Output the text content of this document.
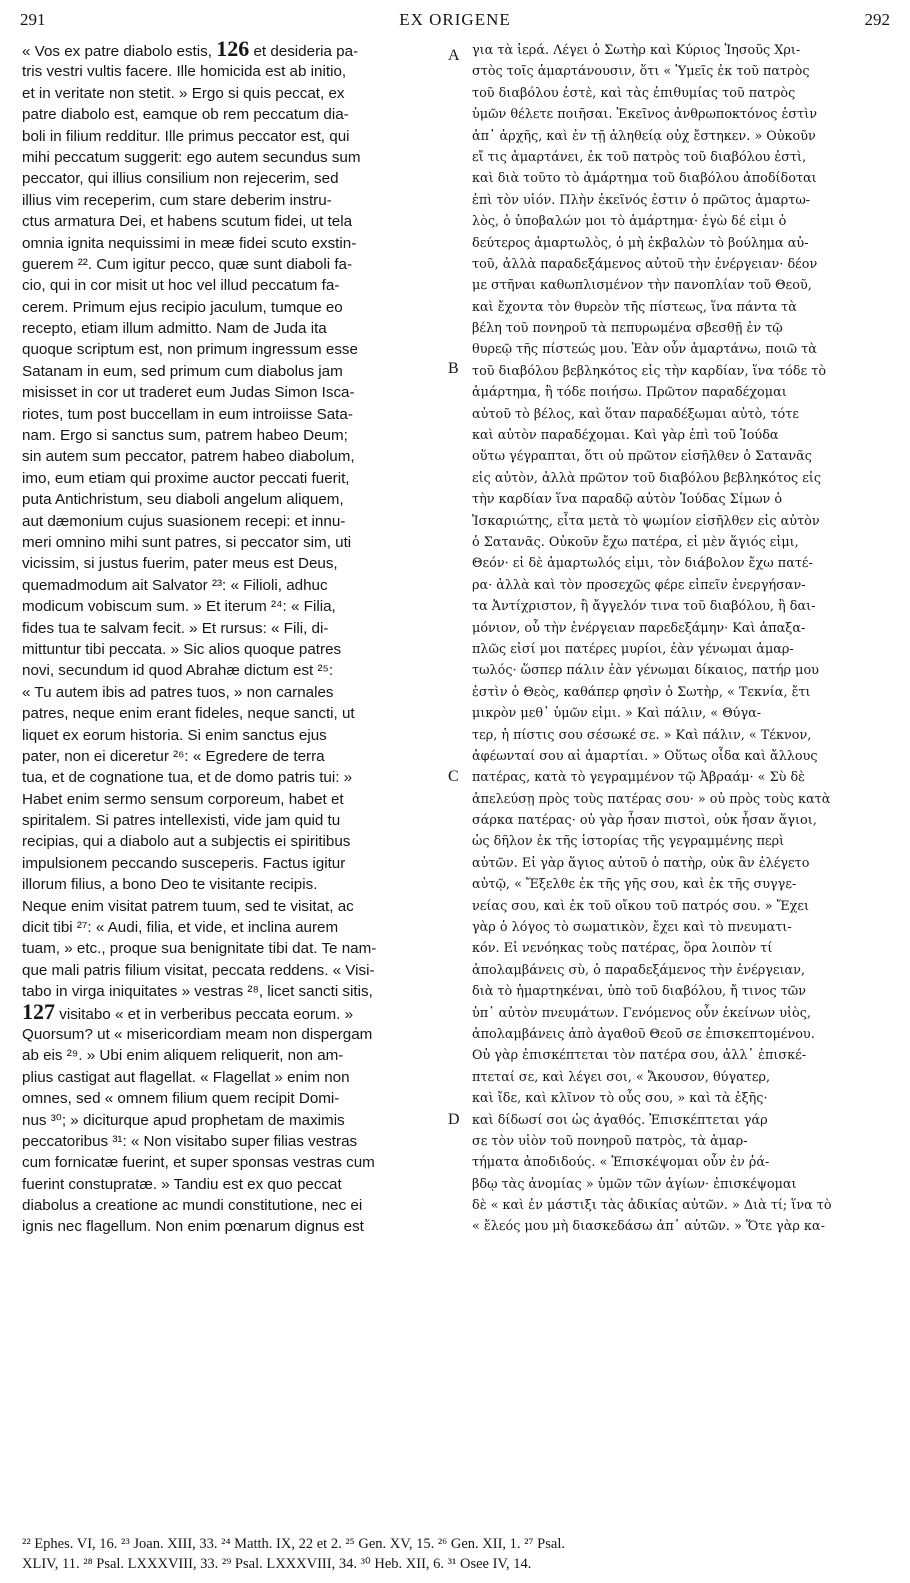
EX ORIGENE
291	292
« Vos ex patre diabolo estis, 126 et desideria pa-
tris vestri vultis facere. Ille homicida est ab initio,
et in veritate non stetit. » Ergo si quis peccat, ex
patre diabolo est, eamque ob rem peccatum dia-
boli in filium redditur. Ille primus peccator est, qui
mihi peccatum suggerit: ego autem secundus sum
peccator, qui illius consilium non rejecerim, sed
illius vim receperim, cum stare deberim instru-
ctus armatura Dei, et habens scutum fidei, ut tela
omnia ignita nequissimi in meæ fidei scuto exstin-
guerem ²². Cum igitur pecco, quæ sunt diaboli fa-
cio, qui in cor misit ut hoc vel illud peccatum fa-
cerem. Primum ejus recipio jaculum, tumque eo
recepto, etiam illum admitto. Nam de Juda ita
quoque scriptum est, non primum ingressum esse
Satanam in eum, sed primum cum diabolus jam
misisset in cor ut traderet eum Judas Simon Isca-
riotes, tum post buccellam in eum introiisse Sata-
nam. Ergo si sanctus sum, patrem habeo Deum;
sin autem sum peccator, patrem habeo diabolum,
imo, eum etiam qui proxime auctor peccati fuerit,
puta Antichristum, seu diaboli angelum aliquem,
aut dæmonium cujus suasionem recepi: et innu-
meri omnino mihi sunt patres, si peccator sim, uti
vicissim, si justus fuerim, pater meus est Deus,
quemadmodum ait Salvator ²³: « Filioli, adhuc
modicum vobiscum sum. » Et iterum ²⁴: « Filia,
fides tua te salvam fecit. » Et rursus: « Fili, di-
mittuntur tibi peccata. » Sic alios quoque patres
novi, secundum id quod Abrahæ dictum est ²⁵:
« Tu autem ibis ad patres tuos, » non carnales
patres, neque enim erant fideles, neque sancti, ut
liquet ex eorum historia. Si enim sanctus ejus
pater, non ei diceretur ²⁶: « Egredere de terra
tua, et de cognatione tua, et de domo patris tui: »
Habet enim sermo sensum corporeum, habet et
spiritalem. Si patres intellexisti, vide jam quid tu
recipias, qui a diabolo aut a subjectis ei spiritibus
impulsionem peccando susceperis. Factus igitur
illorum filius, a bono Deo te visitante recipis.
Neque enim visitat patrem tuum, sed te visitat, ac
dicit tibi ²⁷: « Audi, filia, et vide, et inclina aurem
tuam, » etc., proque sua benignitate tibi dat. Te nam-
que mali patris filium visitat, peccata reddens. « Visi-
tabo in virga iniquitates » vestras ²⁸, licet sancti sitis,
127 visitabo « et in verberibus peccata eorum. »
Quorsum? ut « misericordiam meam non dispergam
ab eis ²⁹. » Ubi enim aliquem reliquerit, non am-
plius castigat aut flagellat. « Flagellat » enim non
omnes, sed « omnem filium quem recipit Domi-
nus ³⁰; » diciturque apud prophetam de maximis
peccatoribus ³¹: « Non visitabo super filias vestras
cum fornicatæ fuerint, et super sponsas vestras cum
fuerint constupratæ. » Tandiu est ex quo peccat
diabolus a creatione ac mundi constitutione, nec ei
ignis nec flagellum. Non enim pœnarum dignus est
για τὰ ἱερά. Λέγει ὁ Σωτὴρ καὶ Κύριος Ἰησοῦς Χρι-
στὸς τοῖς ἁμαρτάνουσιν, ὅτι « Ὑμεῖς ἐκ τοῦ πατρὸς
τοῦ διαβόλου ἐστὲ, καὶ τὰς ἐπιθυμίας τοῦ πατρὸς
ὑμῶν θέλετε ποιῆσαι. Ἐκεῖνος ἀνθρωποκτόνος ἐστὶν
ἀπ᾽ ἀρχῆς, καὶ ἐν τῇ ἀληθείᾳ οὐχ ἔστηκεν. » Οὐκοῦν
εἴ τις ἁμαρτάνει, ἐκ τοῦ πατρὸς τοῦ διαβόλου ἐστὶ,
καὶ διὰ τοῦτο τὸ ἁμάρτημα τοῦ διαβόλου ἀποδίδοται
ἐπὶ τὸν υἱόν. Πλὴν ἐκεῖνός ἐστιν ὁ πρῶτος ἁμαρτω-
λὸς, ὁ ὑποβαλών μοι τὸ ἁμάρτημα· ἐγὼ δέ εἰμι ὁ
δεύτερος ἁμαρτωλὸς, ὁ μὴ ἐκβαλὼν τὸ βούλημα αὐ-
τοῦ, ἀλλὰ παραδεξάμενος αὐτοῦ τὴν ἐνέργειαν· δέον
με στῆναι καθωπλισμένον τὴν πανοπλίαν τοῦ Θεοῦ,
καὶ ἔχοντα τὸν θυρεὸν τῆς πίστεως, ἵνα πάντα τὰ
βέλη τοῦ πονηροῦ τὰ πεπυρωμένα σβεσθῇ ἐν τῷ
θυρεῷ τῆς πίστεώς μου. Ἐὰν οὖν ἁμαρτάνω, ποιῶ τὰ
τοῦ διαβόλου βεβληκότος εἰς τὴν καρδίαν, ἵνα τόδε τὸ
ἁμάρτημα, ἢ τόδε ποιήσω. Πρῶτον παραδέχομαι
αὐτοῦ τὸ βέλος, καὶ ὅταν παραδέξωμαι αὐτὸ, τότε
καὶ αὐτὸν παραδέχομαι. Καὶ γὰρ ἐπὶ τοῦ Ἰούδα
οὕτω γέγραπται, ὅτι οὐ πρῶτον εἰσῆλθεν ὁ Σατανᾶς
εἰς αὐτὸν, ἀλλὰ πρῶτον τοῦ διαβόλου βεβληκότος εἰς
τὴν καρδίαν ἵνα παραδῷ αὐτὸν Ἰούδας Σίμων ὁ
Ἰσκαριώτης, εἶτα μετὰ τὸ ψωμίον εἰσῆλθεν εἰς αὐτὸν
ὁ Σατανᾶς. Οὐκοῦν ἔχω πατέρα, εἰ μὲν ἅγιός εἰμι,
Θεόν· εἰ δὲ ἁμαρτωλός εἰμι, τὸν διάβολον ἔχω πατέ-
ρα· ἀλλὰ καὶ τὸν προσεχῶς φέρε εἰπεῖν ἐνεργήσαν-
τα Ἀντίχριστον, ἢ ἄγγελόν τινα τοῦ διαβόλου, ἢ δαι-
μόνιον, οὗ τὴν ἐνέργειαν παρεδεξάμην· Καὶ ἁπαξα-
πλῶς εἰσί μοι πατέρες μυρίοι, ἐὰν γένωμαι ἁμαρ-
τωλός· ὥσπερ πάλιν ἐὰν γένωμαι δίκαιος, πατήρ μου
ἐστὶν ὁ Θεὸς, καθάπερ φησὶν ὁ Σωτὴρ, « Τεκνία, ἔτι
μικρὸν μεθ᾽ ὑμῶν εἰμι. » Καὶ πάλιν, « Θύγα-
τερ, ἡ πίστις σου σέσωκέ σε. » Καὶ πάλιν, « Τέκνον,
ἀφέωνταί σου αἱ ἁμαρτίαι. » Οὕτως οἶδα καὶ ἄλλους
πατέρας, κατὰ τὸ γεγραμμένον τῷ Ἀβραάμ· « Σὺ δὲ
ἀπελεύσῃ πρὸς τοὺς πατέρας σου· » οὐ πρὸς τοὺς κατὰ
σάρκα πατέρας· οὐ γὰρ ἦσαν πιστοὶ, οὐκ ἦσαν ἅγιοι,
ὡς δῆλον ἐκ τῆς ἱστορίας τῆς γεγραμμένης περὶ
αὐτῶν. Εἰ γὰρ ἅγιος αὐτοῦ ὁ πατὴρ, οὐκ ἂν ἐλέγετο
αὐτῷ, « Ἔξελθε ἐκ τῆς γῆς σου, καὶ ἐκ τῆς συγγε-
νείας σου, καὶ ἐκ τοῦ οἴκου τοῦ πατρός σου. » Ἔχει
γὰρ ὁ λόγος τὸ σωματικὸν, ἔχει καὶ τὸ πνευματι-
κόν. Εἰ νενόηκας τοὺς πατέρας, ὅρα λοιπὸν τί
ἀπολαμβάνεις σὺ, ὁ παραδεξάμενος τὴν ἐνέργειαν,
διὰ τὸ ἡμαρτηκέναι, ὑπὸ τοῦ διαβόλου, ἤ τινος τῶν
ὑπ᾽ αὐτὸν πνευμάτων. Γενόμενος οὖν ἐκείνων υἱὸς,
ἀπολαμβάνεις ἀπὸ ἀγαθοῦ Θεοῦ σε ἐπισκεπτομένου.
Οὐ γὰρ ἐπισκέπτεται τὸν πατέρα σου, ἀλλ᾽ ἐπισκέ-
πτεταί σε, καὶ λέγει σοι, « Ἄκουσον, θύγατερ,
καὶ ἴδε, καὶ κλῖνον τὸ οὖς σου, » καὶ τὰ ἑξῆς·
καὶ δίδωσί σοι ὡς ἀγαθός. Ἐπισκέπτεται γάρ
σε τὸν υἱὸν τοῦ πονηροῦ πατρὸς, τὰ ἁμαρ-
τήματα ἀποδιδούς. « Ἐπισκέψομαι οὖν ἐν ῥά-
βδῳ τὰς ἀνομίας » ὑμῶν τῶν ἁγίων· ἐπισκέψομαι
δὲ « καὶ ἐν μάστιξι τὰς ἀδικίας αὐτῶν. » Διὰ τί; ἵνα τὸ
« ἔλεός μου μὴ διασκεδάσω ἀπ᾽ αὐτῶν. » Ὅτε γὰρ κα-
A
B
C
D
²² Ephes. VI, 16. ²³ Joan. XIII, 33. ²⁴ Matth. IX, 22 et 2. ²⁵ Gen. XV, 15. ²⁶ Gen. XII, 1. ²⁷ Psal.
XLIV, 11. ²⁸ Psal. LXXXVIII, 33. ²⁹ Psal. LXXXVIII, 34. ³⁰ Heb. XII, 6. ³¹ Osee IV, 14.
